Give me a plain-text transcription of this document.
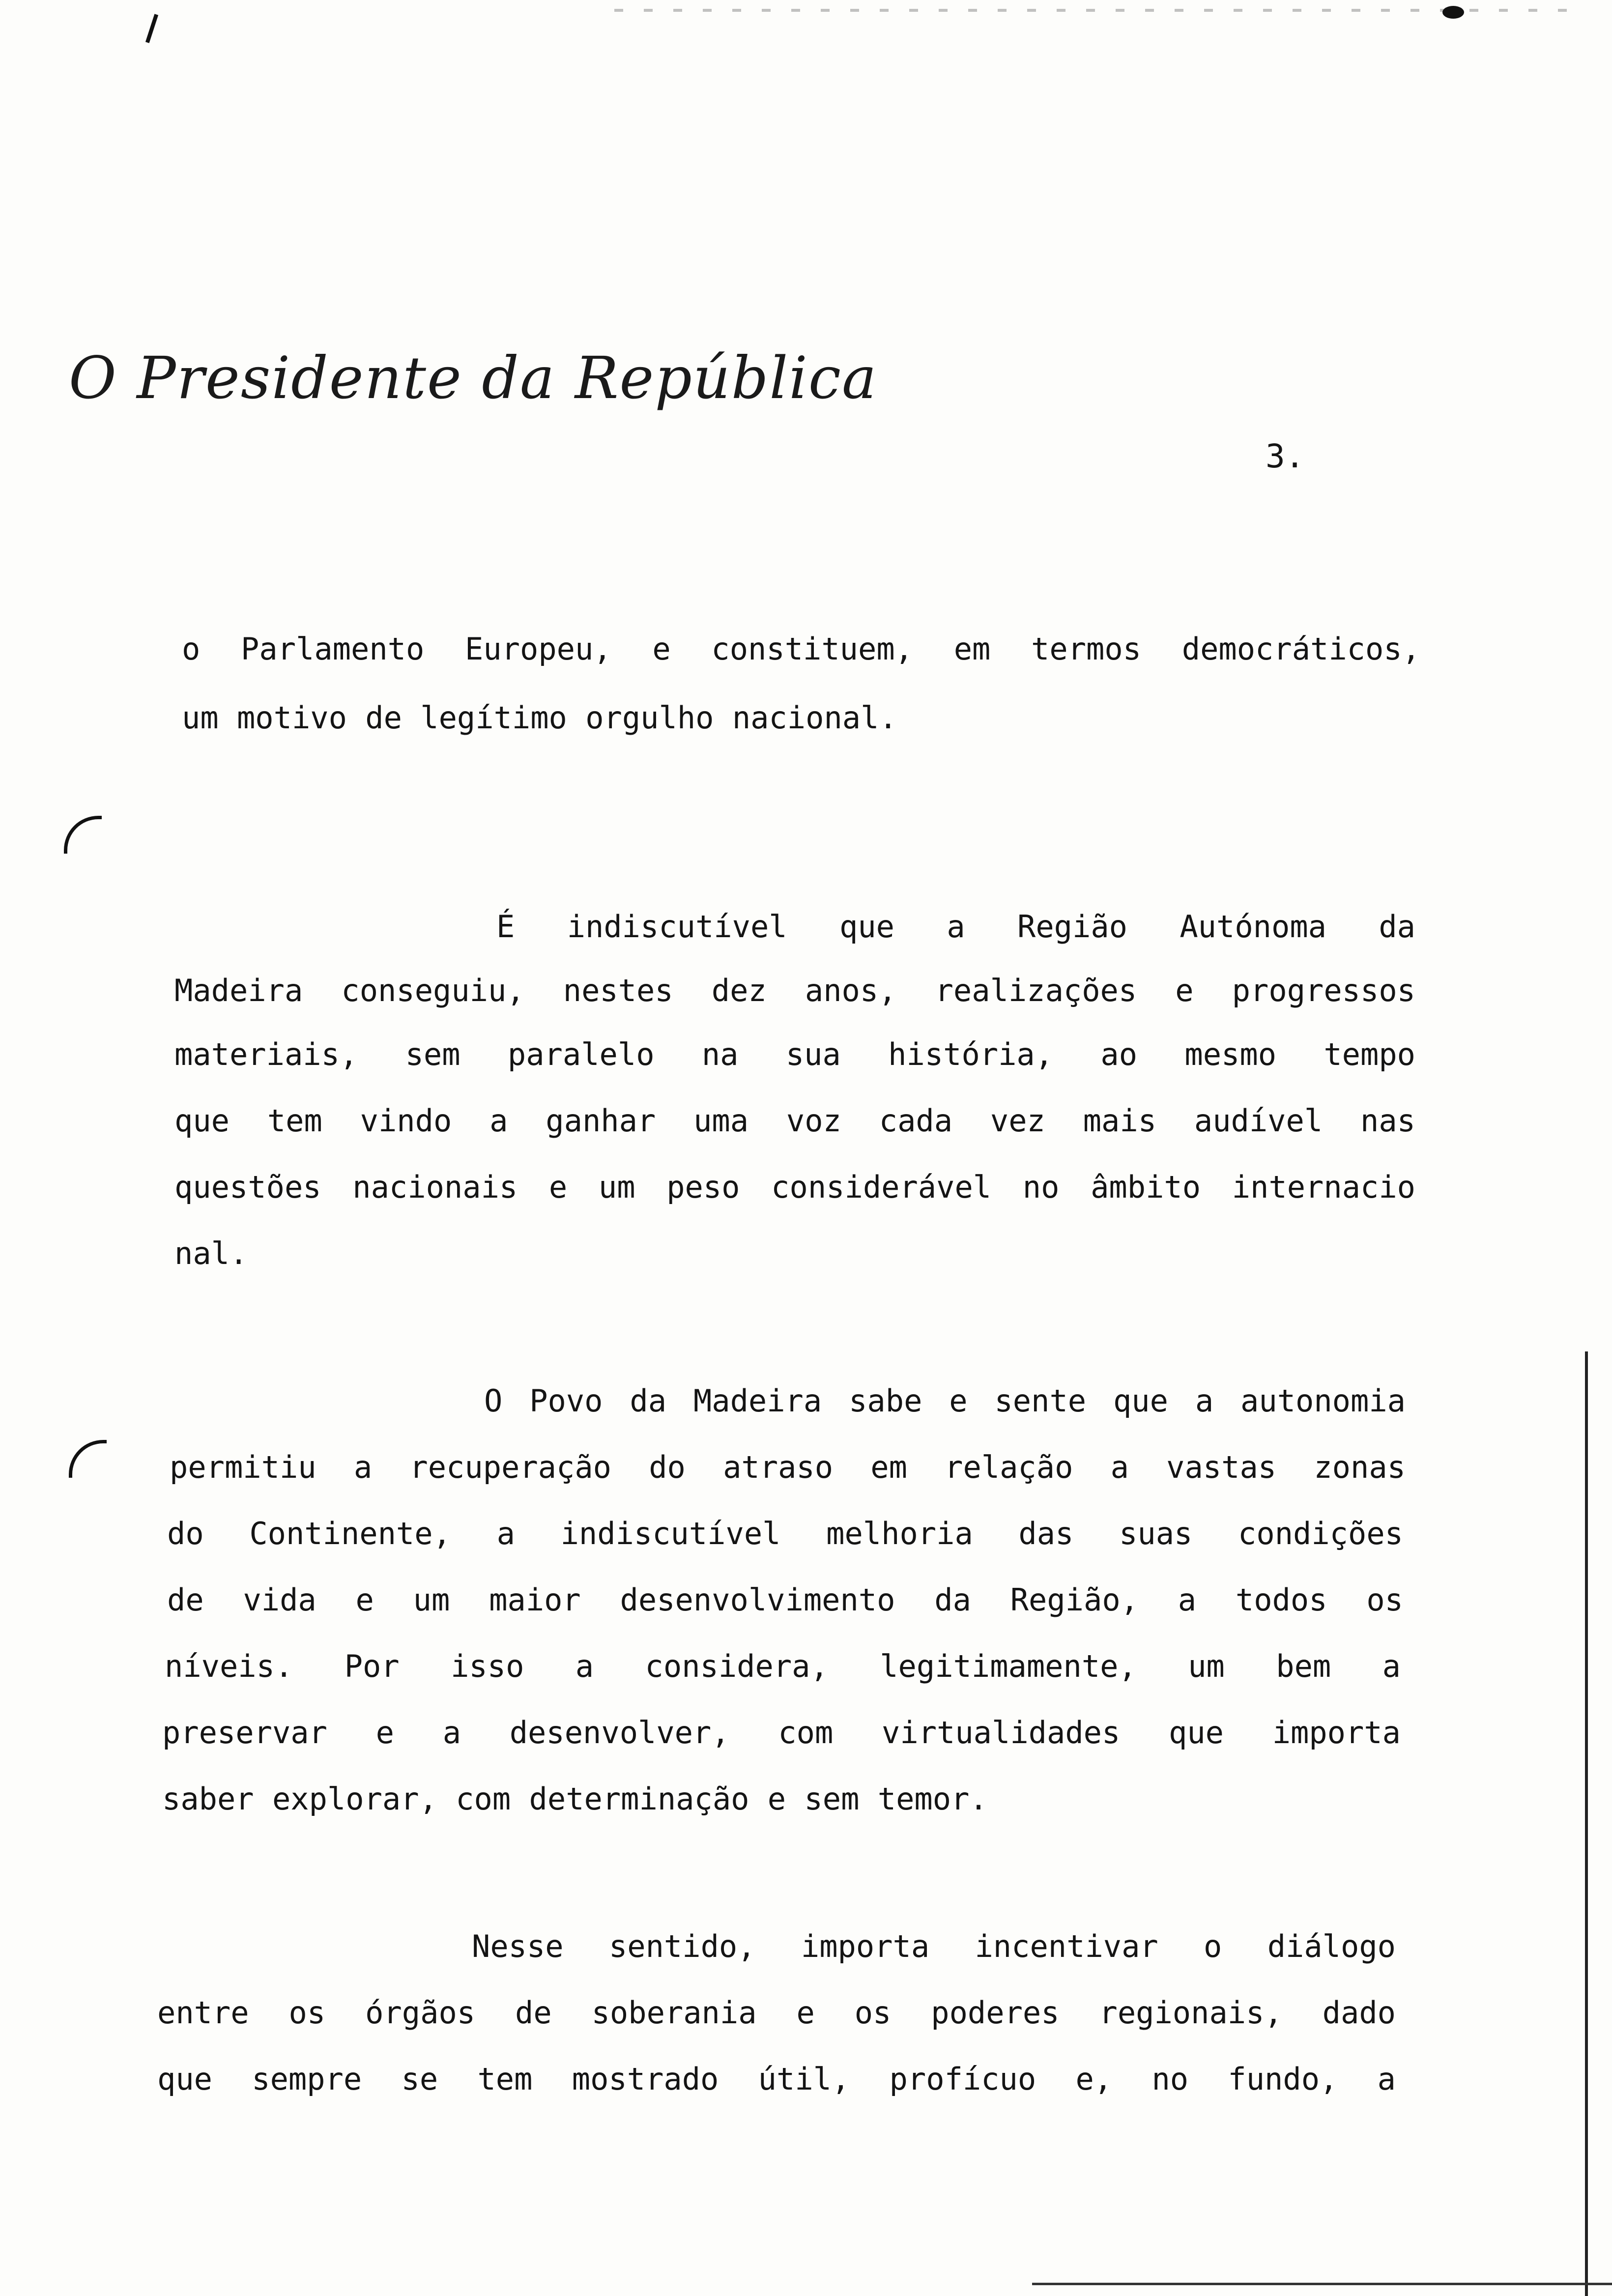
O Presidente da República
3.
o Parlamento Europeu, e constituem, em termos democráticos,
um motivo de legítimo orgulho nacional.
É indiscutível que a Região Autónoma da
Madeira conseguiu, nestes dez anos, realizações e progressos
materiais, sem paralelo na sua história, ao mesmo tempo
que tem vindo a ganhar uma voz cada vez mais audível nas
questões nacionais e um peso considerável no âmbito internacio
nal.
O Povo da Madeira sabe e sente que a autonomia
permitiu a recuperação do atraso em relação a vastas zonas
do Continente, a indiscutível melhoria das suas condições
de vida e um maior desenvolvimento da Região, a todos os
níveis. Por isso a considera, legitimamente, um bem a
preservar e a desenvolver, com virtualidades que importa
saber explorar, com determinação e sem temor.
Nesse sentido, importa incentivar o diálogo
entre os órgãos de soberania e os poderes regionais, dado
que sempre se tem mostrado útil, profícuo e, no fundo, a
